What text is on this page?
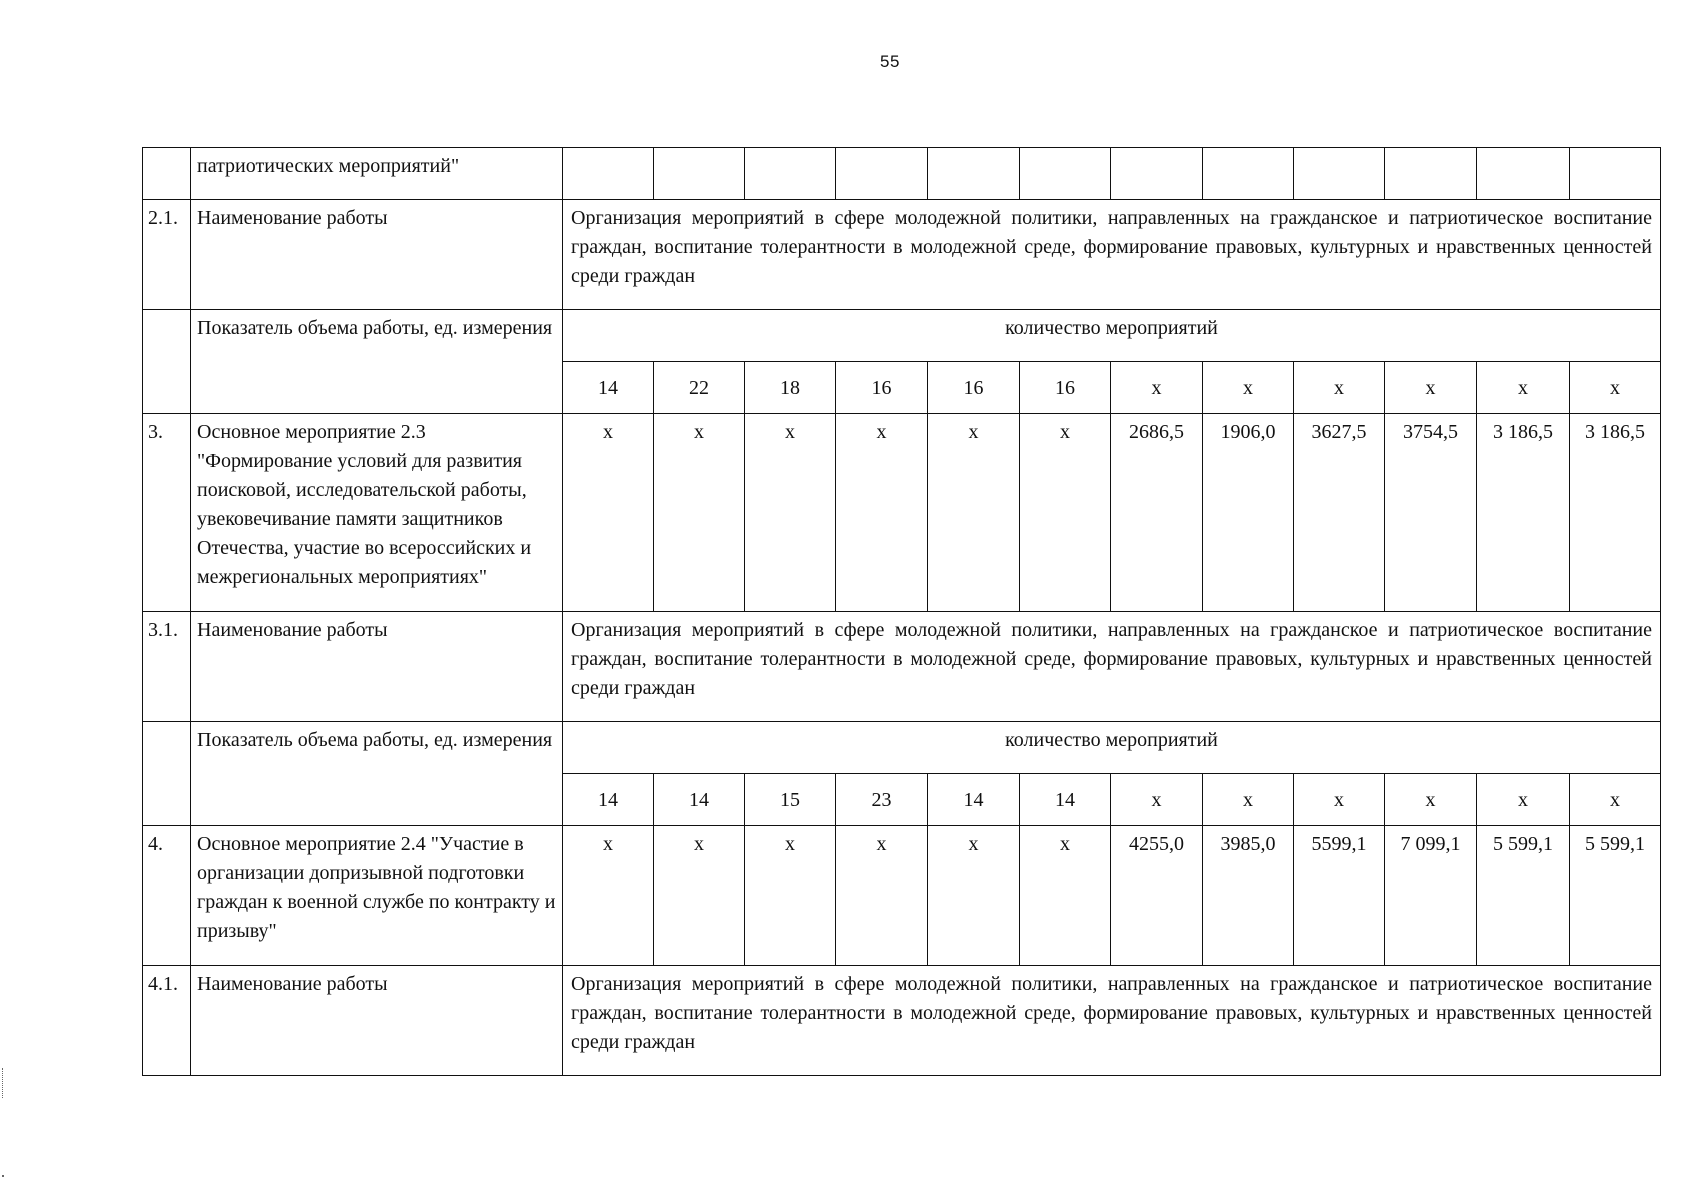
55
	патриотических мероприятий"												
2.1.	Наименование работы	Организация мероприятий в сфере молодежной политики, направленных на гражданское и патриотическое воспитание граждан, воспитание толерантности в молодежной среде, формирование правовых, культурных и нравственных ценностей среди граждан											
	Показатель объема работы, ед. измерения	количество мероприятий											
		14	22	18	16	16	16	x	x	x	x	x	x
3.	Основное мероприятие 2.3 "Формирование условий для развития поисковой, исследовательской работы, увековечивание памяти защитников Отечества, участие во всероссийских и межрегиональных мероприятиях"	x	x	x	x	x	x	2686,5	1906,0	3627,5	3754,5	3 186,5	3 186,5
3.1.	Наименование работы	Организация мероприятий в сфере молодежной политики, направленных на гражданское и патриотическое воспитание граждан, воспитание толерантности в молодежной среде, формирование правовых, культурных и нравственных ценностей среди граждан											
	Показатель объема работы, ед. измерения	количество мероприятий											
		14	14	15	23	14	14	x	x	x	x	x	x
4.	Основное мероприятие 2.4 "Участие в организации допризывной подготовки граждан к военной службе по контракту и призыву"	x	x	x	x	x	x	4255,0	3985,0	5599,1	7 099,1	5 599,1	5 599,1
4.1.	Наименование работы	Организация мероприятий в сфере молодежной политики, направленных на гражданское и патриотическое воспитание граждан, воспитание толерантности в молодежной среде, формирование правовых, культурных и нравственных ценностей среди граждан											
